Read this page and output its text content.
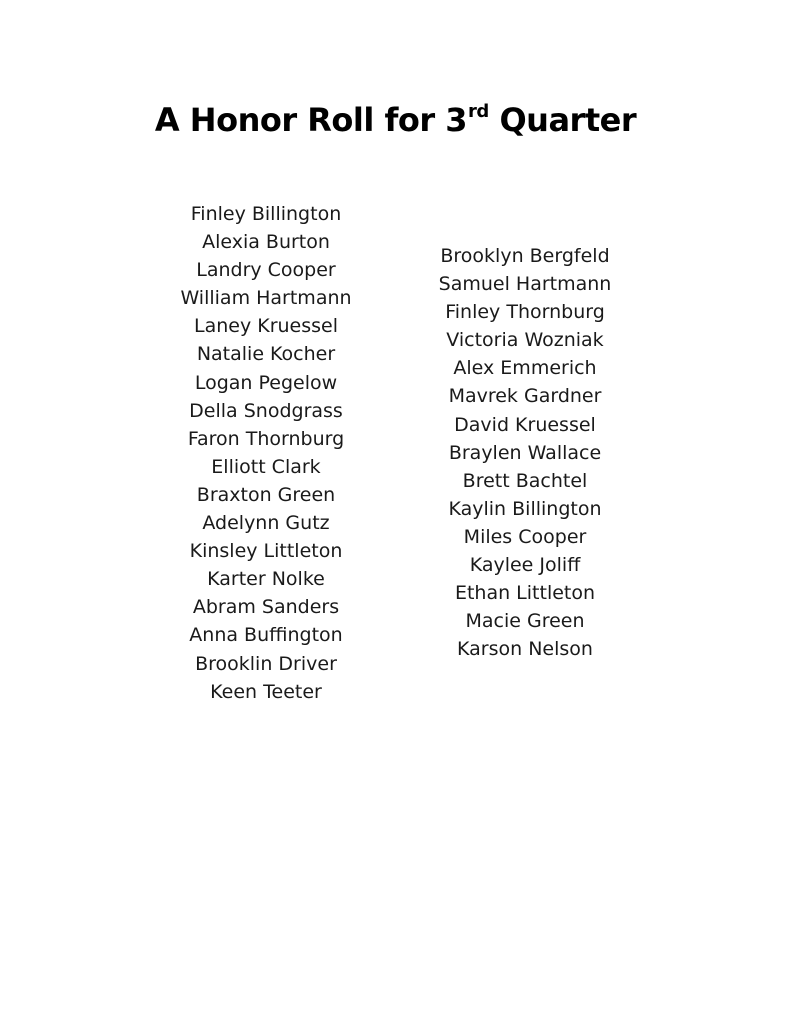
A Honor Roll for 3rd Quarter
Finley Billington
Alexia Burton
Landry Cooper
William Hartmann
Laney Kruessel
Natalie Kocher
Logan Pegelow
Della Snodgrass
Faron Thornburg
Elliott Clark
Braxton Green
Adelynn Gutz
Kinsley Littleton
Karter Nolke
Abram Sanders
Anna Buffington
Brooklin Driver
Keen Teeter
Brooklyn Bergfeld
Samuel Hartmann
Finley Thornburg
Victoria Wozniak
Alex Emmerich
Mavrek Gardner
David Kruessel
Braylen Wallace
Brett Bachtel
Kaylin Billington
Miles Cooper
Kaylee Joliff
Ethan Littleton
Macie Green
Karson Nelson
